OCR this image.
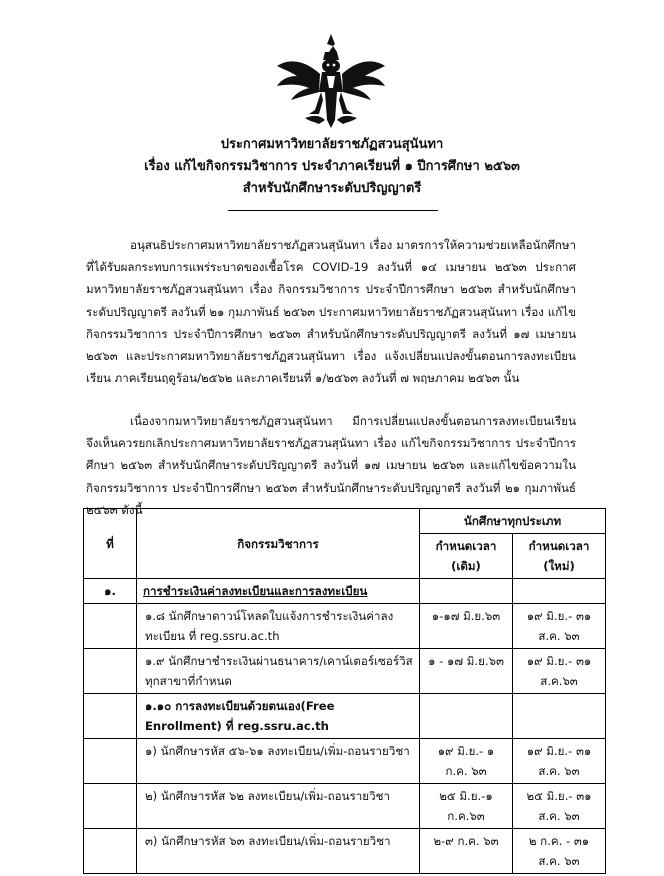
ประกาศมหาวิทยาลัยราชภัฏสวนสุนันทา
เรื่อง แก้ไขกิจกรรมวิชาการ ประจำภาคเรียนที่ ๑ ปีการศึกษา ๒๕๖๓
สำหรับนักศึกษาระดับปริญญาตรี

อนุสนธิประกาศมหาวิทยาลัยราชภัฏสวนสุนันทา เรื่อง มาตรการให้ความช่วยเหลือนักศึกษาที่ได้รับผลกระทบการแพร่ระบาดของเชื้อโรค COVID-19 ลงวันที่ ๑๔ เมษายน ๒๕๖๓ ประกาศมหาวิทยาลัยราชภัฏสวนสุนันทา เรื่อง กิจกรรมวิชาการ ประจำปีการศึกษา ๒๕๖๓ สำหรับนักศึกษาระดับปริญญาตรี ลงวันที่ ๒๑ กุมภาพันธ์ ๒๕๖๓ ประกาศมหาวิทยาลัยราชภัฏสวนสุนันทา เรื่อง แก้ไขกิจกรรมวิชาการ ประจำปีการศึกษา ๒๕๖๓ สำหรับนักศึกษาระดับปริญญาตรี ลงวันที่ ๑๗ เมษายน ๒๕๖๓ และประกาศมหาวิทยาลัยราชภัฏสวนสุนันทา เรื่อง แจ้งเปลี่ยนแปลงขั้นตอนการลงทะเบียนเรียน ภาคเรียนฤดูร้อน/๒๕๖๒ และภาคเรียนที่ ๑/๒๕๖๓ ลงวันที่ ๗ พฤษภาคม ๒๕๖๓ นั้น

เนื่องจากมหาวิทยาลัยราชภัฏสวนสุนันทา มีการเปลี่ยนแปลงขั้นตอนการลงทะเบียนเรียน จึงเห็นควรยกเลิกประกาศมหาวิทยาลัยราชภัฏสวนสุนันทา เรื่อง แก้ไขกิจกรรมวิชาการ ประจำปีการศึกษา ๒๕๖๓ สำหรับนักศึกษาระดับปริญญาตรี ลงวันที่ ๑๗ เมษายน ๒๕๖๓ และแก้ไขข้อความในกิจกรรมวิชาการ ประจำปีการศึกษา ๒๕๖๓ สำหรับนักศึกษาระดับปริญญาตรี ลงวันที่ ๒๑ กุมภาพันธ์ ๒๕๖๓ ดังนี้

ที่	กิจกรรมวิชาการ	นักศึกษาทุกประเภท	
		กำหนดเวลา (เดิม)	กำหนดเวลา (ใหม่)
๑.	การชำระเงินค่าลงทะเบียนและการลงทะเบียน		
	๑.๘ นักศึกษาดาวน์โหลดใบแจ้งการชำระเงินค่าลงทะเบียน ที่ reg.ssru.ac.th	๑-๑๗ มิ.ย.๖๓	๑๙ มิ.ย.- ๓๑ ส.ค. ๖๓
	๑.๙ นักศึกษาชำระเงินผ่านธนาคาร/เคาน์เตอร์เซอร์วิสทุกสาขาที่กำหนด	๑ - ๑๗ มิ.ย.๖๓	๑๙ มิ.ย.- ๓๑ ส.ค.๖๓
	๑.๑๐ การลงทะเบียนด้วยตนเอง(Free Enrollment) ที่ reg.ssru.ac.th		
	๑) นักศึกษารหัส ๕๖-๖๑ ลงทะเบียน/เพิ่ม-ถอนรายวิชา	๑๙ มิ.ย.- ๑ ก.ค. ๖๓	๑๙ มิ.ย.- ๓๑ ส.ค. ๖๓
	๒) นักศึกษารหัส ๖๒ ลงทะเบียน/เพิ่ม-ถอนรายวิชา	๒๕ มิ.ย.-๑ ก.ค.๖๓	๒๕ มิ.ย.- ๓๑ ส.ค. ๖๓
	๓) นักศึกษารหัส ๖๓ ลงทะเบียน/เพิ่ม-ถอนรายวิชา	๒-๙ ก.ค. ๖๓	๒ ก.ค. - ๓๑ ส.ค. ๖๓
